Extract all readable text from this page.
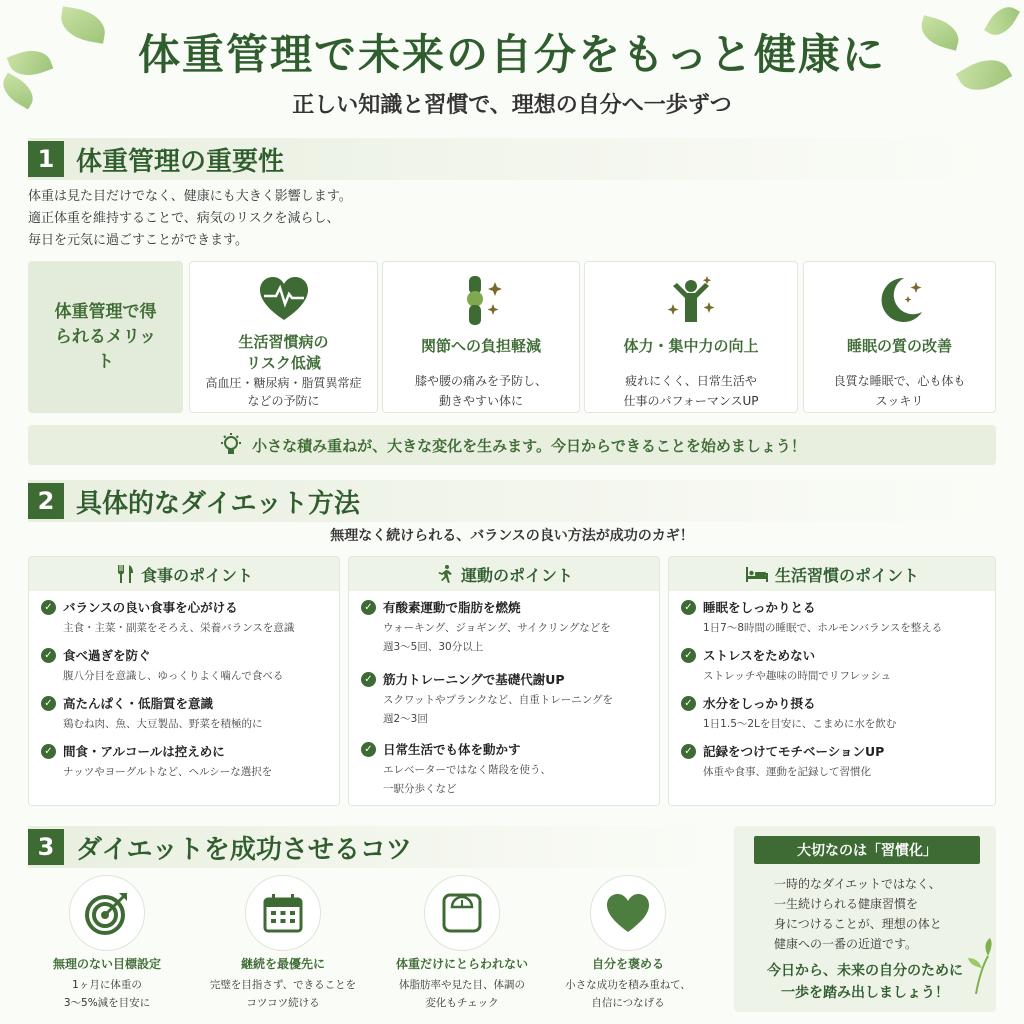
体重管理で未来の自分をもっと健康に
正しい知識と習慣で、理想の自分へ一歩ずつ
1 体重管理の重要性
体重は見た目だけでなく、健康にも大きく影響します。
適正体重を維持することで、病気のリスクを減らし、
毎日を元気に過ごすことができます。
体重管理で得られるメリット
生活習慣病の
リスク低減
高血圧・糖尿病・脂質異常症
などの予防に
関節への負担軽減
膝や腰の痛みを予防し、
動きやすい体に
体力・集中力の向上
疲れにくく、日常生活や
仕事のパフォーマンスUP
睡眠の質の改善
良質な睡眠で、心も体も
スッキリ
小さな積み重ねが、大きな変化を生みます。今日からできることを始めましょう！
2 具体的なダイエット方法
無理なく続けられる、バランスの良い方法が成功のカギ！
食事のポイント
✓ バランスの良い食事を心がける
主食・主菜・副菜をそろえ、栄養バランスを意識
✓ 食べ過ぎを防ぐ
腹八分目を意識し、ゆっくりよく噛んで食べる
✓ 高たんぱく・低脂質を意識
鶏むね肉、魚、大豆製品、野菜を積極的に
✓ 間食・アルコールは控えめに
ナッツやヨーグルトなど、ヘルシーな選択を
運動のポイント
✓ 有酸素運動で脂肪を燃焼
ウォーキング、ジョギング、サイクリングなどを
週3〜5回、30分以上
✓ 筋力トレーニングで基礎代謝UP
スクワットやプランクなど、自重トレーニングを
週2〜3回
✓ 日常生活でも体を動かす
エレベーターではなく階段を使う、
一駅分歩くなど
生活習慣のポイント
✓ 睡眠をしっかりとる
1日7〜8時間の睡眠で、ホルモンバランスを整える
✓ ストレスをためない
ストレッチや趣味の時間でリフレッシュ
✓ 水分をしっかり摂る
1日1.5〜2Lを目安に、こまめに水を飲む
✓ 記録をつけてモチベーションUP
体重や食事、運動を記録して習慣化
3 ダイエットを成功させるコツ
無理のない目標設定
1ヶ月に体重の
3〜5%減を目安に
継続を最優先に
完璧を目指さず、できることを
コツコツ続ける
体重だけにとらわれない
体脂肪率や見た目、体調の
変化もチェック
自分を褒める
小さな成功を積み重ねて、
自信につなげる
大切なのは「習慣化」
一時的なダイエットではなく、
一生続けられる健康習慣を
身につけることが、理想の体と
健康への一番の近道です。
今日から、未来の自分のために
一歩を踏み出しましょう！
